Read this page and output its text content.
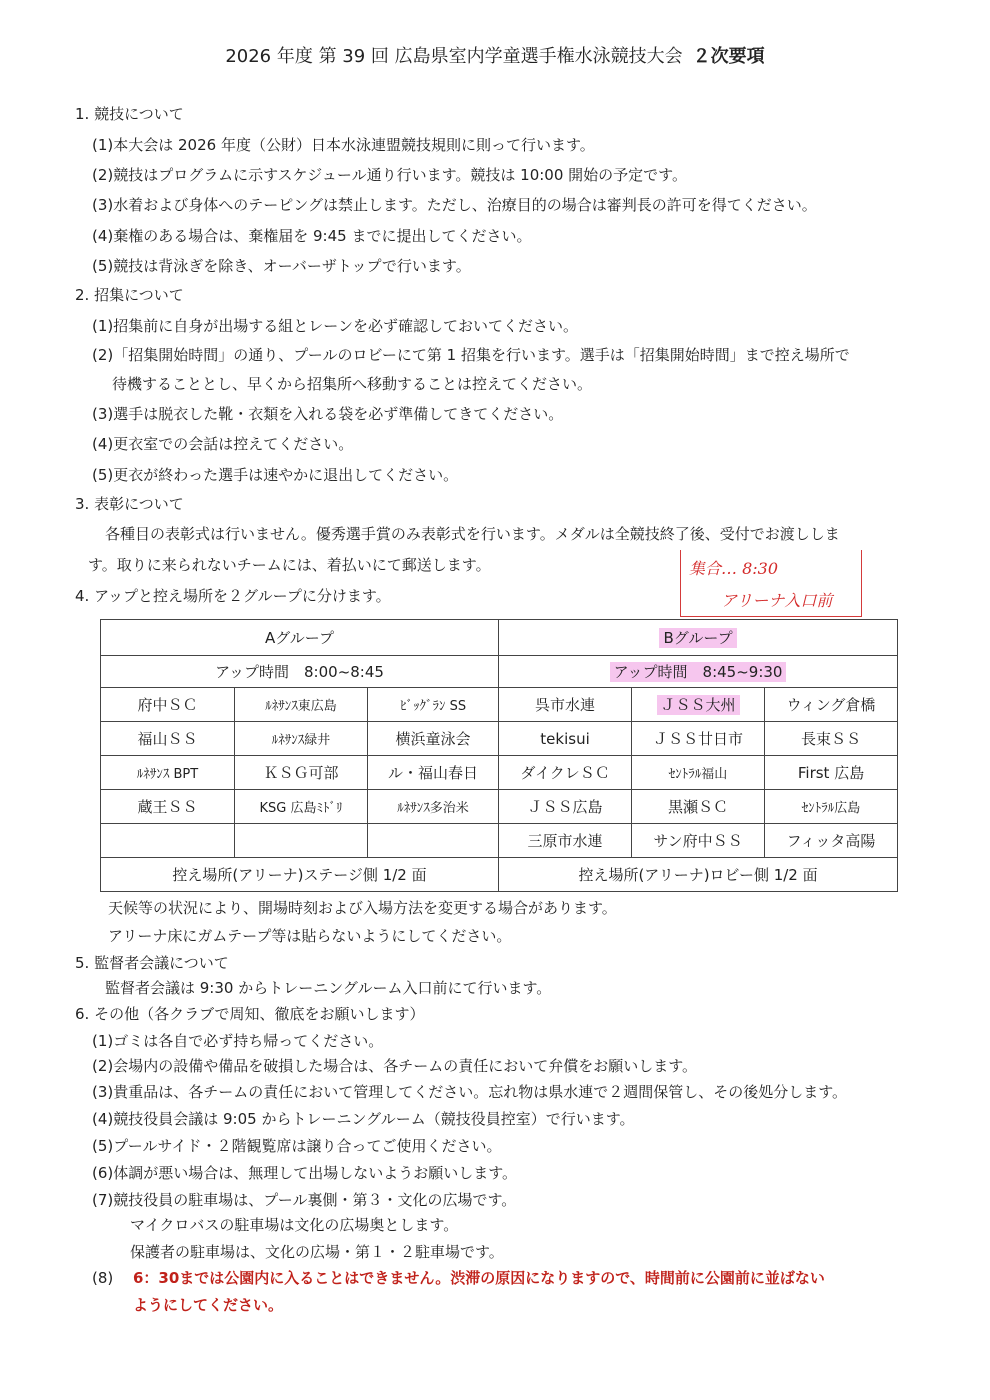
2026 年度 第 39 回 広島県室内学童選手権水泳競技大会 ２次要項
1. 競技について
(1)本大会は 2026 年度（公財）日本水泳連盟競技規則に則って行います。
(2)競技はプログラムに示すスケジュール通り行います。競技は 10:00 開始の予定です。
(3)水着および身体へのテーピングは禁止します。ただし、治療目的の場合は審判長の許可を得てください。
(4)棄権のある場合は、棄権届を 9:45 までに提出してください。
(5)競技は背泳ぎを除き、オーバーザトップで行います。
2. 招集について
(1)招集前に自身が出場する組とレーンを必ず確認しておいてください。
(2)「招集開始時間」の通り、プールのロビーにて第 1 招集を行います。選手は「招集開始時間」まで控え場所で
待機することとし、早くから招集所へ移動することは控えてください。
(3)選手は脱衣した靴・衣類を入れる袋を必ず準備してきてください。
(4)更衣室での会話は控えてください。
(5)更衣が終わった選手は速やかに退出してください。
3. 表彰について
各種目の表彰式は行いません。優秀選手賞のみ表彰式を行います。メダルは全競技終了後、受付でお渡ししま
す。取りに来られないチームには、着払いにて郵送します。	集合… 8:30
アリーナ入口前
4. アップと控え場所を２グループに分けます。
Aグループ			Bグループ		
アップ時間　8:00~8:45			アップ時間　8:45~9:30		
府中ＳＣ	ﾙﾈｻﾝｽ東広島	ﾋﾞｯｸﾞﾗﾝ SS	呉市水連	ＪＳＳ大州	ウィング倉橋
福山ＳＳ	ﾙﾈｻﾝｽ緑井	横浜童泳会	tekisui	ＪＳＳ廿日市	長束ＳＳ
ﾙﾈｻﾝｽ BPT	ＫＳＧ可部	ル・福山春日	ダイクレＳＣ	ｾﾝﾄﾗﾙ福山	First 広島
蔵王ＳＳ	KSG 広島ﾐﾄﾞﾘ	ﾙﾈｻﾝｽ多治米	ＪＳＳ広島	黒瀬ＳＣ	ｾﾝﾄﾗﾙ広島
			三原市水連	サン府中ＳＳ	フィッタ高陽
控え場所(アリーナ)ステージ側 1/2 面			控え場所(アリーナ)ロビー側 1/2 面		
天候等の状況により、開場時刻および入場方法を変更する場合があります。
アリーナ床にガムテープ等は貼らないようにしてください。
5. 監督者会議について
監督者会議は 9:30 からトレーニングルーム入口前にて行います。
6. その他（各クラブで周知、徹底をお願いします）
(1)ゴミは各自で必ず持ち帰ってください。
(2)会場内の設備や備品を破損した場合は、各チームの責任において弁償をお願いします。
(3)貴重品は、各チームの責任において管理してください。忘れ物は県水連で２週間保管し、その後処分します。
(4)競技役員会議は 9:05 からトレーニングルーム（競技役員控室）で行います。
(5)プールサイド・２階観覧席は譲り合ってご使用ください。
(6)体調が悪い場合は、無理して出場しないようお願いします。
(7)競技役員の駐車場は、プール裏側・第３・文化の広場です。
マイクロバスの駐車場は文化の広場奥とします。
保護者の駐車場は、文化の広場・第１・２駐車場です。
(8) 6：30までは公園内に入ることはできません。渋滞の原因になりますので、時間前に公園前に並ばない
ようにしてください。
